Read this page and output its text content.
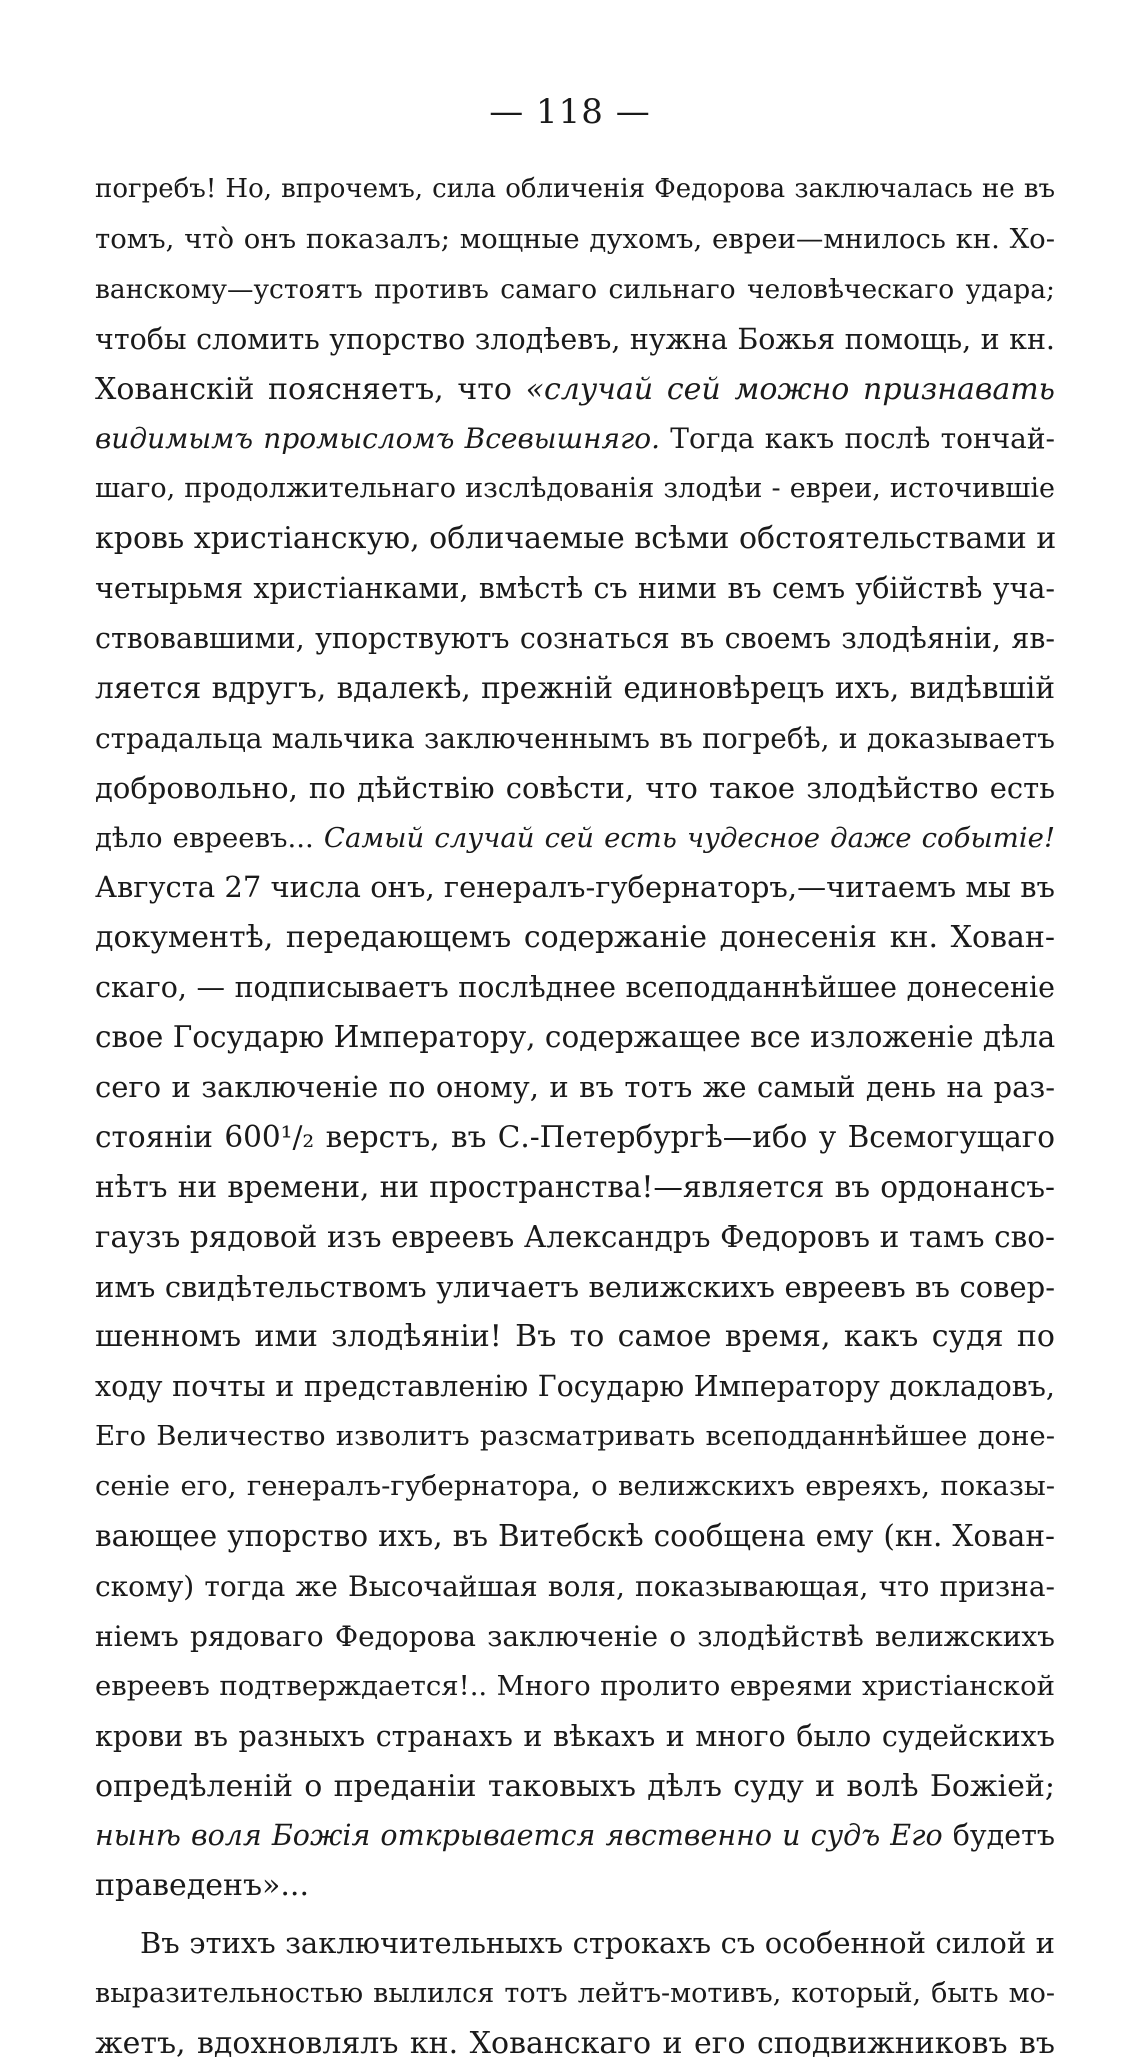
— 118 —
погребъ! Но, впрочемъ, сила обличенія Федорова заключалась не въ
томъ, что̀ онъ показалъ; мощные духомъ, евреи—мнилось кн. Хо-
ванскому—устоятъ противъ самаго сильнаго человѣческаго удара;
чтобы сломить упорство злодѣевъ, нужна Божья помощь, и кн.
Хованскій поясняетъ, что «случай сей можно признавать
видимымъ промысломъ Всевышняго. Тогда какъ послѣ тончай-
шаго, продолжительнаго изслѣдованія злодѣи - евреи, источившіе
кровь христіанскую, обличаемые всѣми обстоятельствами и
четырьмя христіанками, вмѣстѣ съ ними въ семъ убійствѣ уча-
ствовавшими, упорствуютъ сознаться въ своемъ злодѣяніи, яв-
ляется вдругъ, вдалекѣ, прежній единовѣрецъ ихъ, видѣвшій
страдальца мальчика заключеннымъ въ погребѣ, и доказываетъ
добровольно, по дѣйствію совѣсти, что такое злодѣйство есть
дѣло евреевъ... Самый случай сей есть чудесное даже событіе!
Августа 27 числа онъ, генералъ-губернаторъ,—читаемъ мы въ
документѣ, передающемъ содержаніе донесенія кн. Хован-
скаго, — подписываетъ послѣднее всеподданнѣйшее донесеніе
свое Государю Императору, содержащее все изложеніе дѣла
сего и заключеніе по оному, и въ тотъ же самый день на раз-
стояніи 600¹/₂ верстъ, въ С.-Петербургѣ—ибо у Всемогущаго
нѣтъ ни времени, ни пространства!—является въ ордонансъ-
гаузъ рядовой изъ евреевъ Александръ Федоровъ и тамъ сво-
имъ свидѣтельствомъ уличаетъ велижскихъ евреевъ въ совер-
шенномъ ими злодѣяніи! Въ то самое время, какъ судя по
ходу почты и представленію Государю Императору докладовъ,
Его Величество изволитъ разсматривать всеподданнѣйшее доне-
сеніе его, генералъ-губернатора, о велижскихъ евреяхъ, показы-
вающее упорство ихъ, въ Витебскѣ сообщена ему (кн. Хован-
скому) тогда же Высочайшая воля, показывающая, что призна-
ніемъ рядоваго Федорова заключеніе о злодѣйствѣ велижскихъ
евреевъ подтверждается!.. Много пролито евреями христіанской
крови въ разныхъ странахъ и вѣкахъ и много было судейскихъ
опредѣленій о преданіи таковыхъ дѣлъ суду и волѣ Божіей;
нынѣ воля Божія открывается явственно и судъ Его будетъ
праведенъ»...
Въ этихъ заключительныхъ строкахъ съ особенной силой и
выразительностью вылился тотъ лейтъ-мотивъ, который, быть мо-
жетъ, вдохновлялъ кн. Хованскаго и его сподвижниковъ въ
